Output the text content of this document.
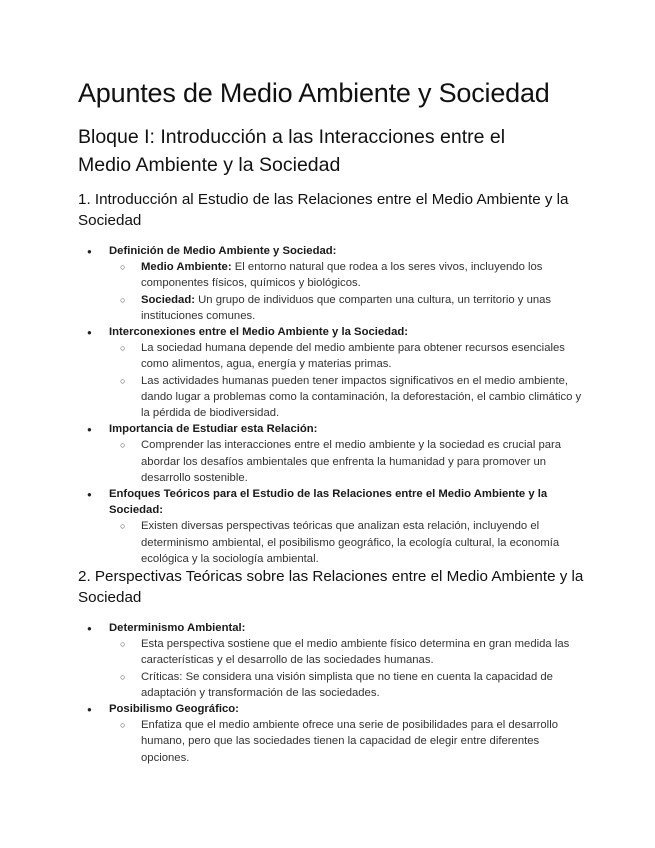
Apuntes de Medio Ambiente y Sociedad
Bloque I: Introducción a las Interacciones entre el Medio Ambiente y la Sociedad
1. Introducción al Estudio de las Relaciones entre el Medio Ambiente y la Sociedad
● Definición de Medio Ambiente y Sociedad:
○ Medio Ambiente: El entorno natural que rodea a los seres vivos, incluyendo los componentes físicos, químicos y biológicos.
○ Sociedad: Un grupo de individuos que comparten una cultura, un territorio y unas instituciones comunes.
● Interconexiones entre el Medio Ambiente y la Sociedad:
○ La sociedad humana depende del medio ambiente para obtener recursos esenciales como alimentos, agua, energía y materias primas.
○ Las actividades humanas pueden tener impactos significativos en el medio ambiente, dando lugar a problemas como la contaminación, la deforestación, el cambio climático y la pérdida de biodiversidad.
● Importancia de Estudiar esta Relación:
○ Comprender las interacciones entre el medio ambiente y la sociedad es crucial para abordar los desafíos ambientales que enfrenta la humanidad y para promover un desarrollo sostenible.
● Enfoques Teóricos para el Estudio de las Relaciones entre el Medio Ambiente y la Sociedad:
○ Existen diversas perspectivas teóricas que analizan esta relación, incluyendo el determinismo ambiental, el posibilismo geográfico, la ecología cultural, la economía ecológica y la sociología ambiental.
2. Perspectivas Teóricas sobre las Relaciones entre el Medio Ambiente y la Sociedad
● Determinismo Ambiental:
○ Esta perspectiva sostiene que el medio ambiente físico determina en gran medida las características y el desarrollo de las sociedades humanas.
○ Críticas: Se considera una visión simplista que no tiene en cuenta la capacidad de adaptación y transformación de las sociedades.
● Posibilismo Geográfico:
○ Enfatiza que el medio ambiente ofrece una serie de posibilidades para el desarrollo humano, pero que las sociedades tienen la capacidad de elegir entre diferentes opciones.
